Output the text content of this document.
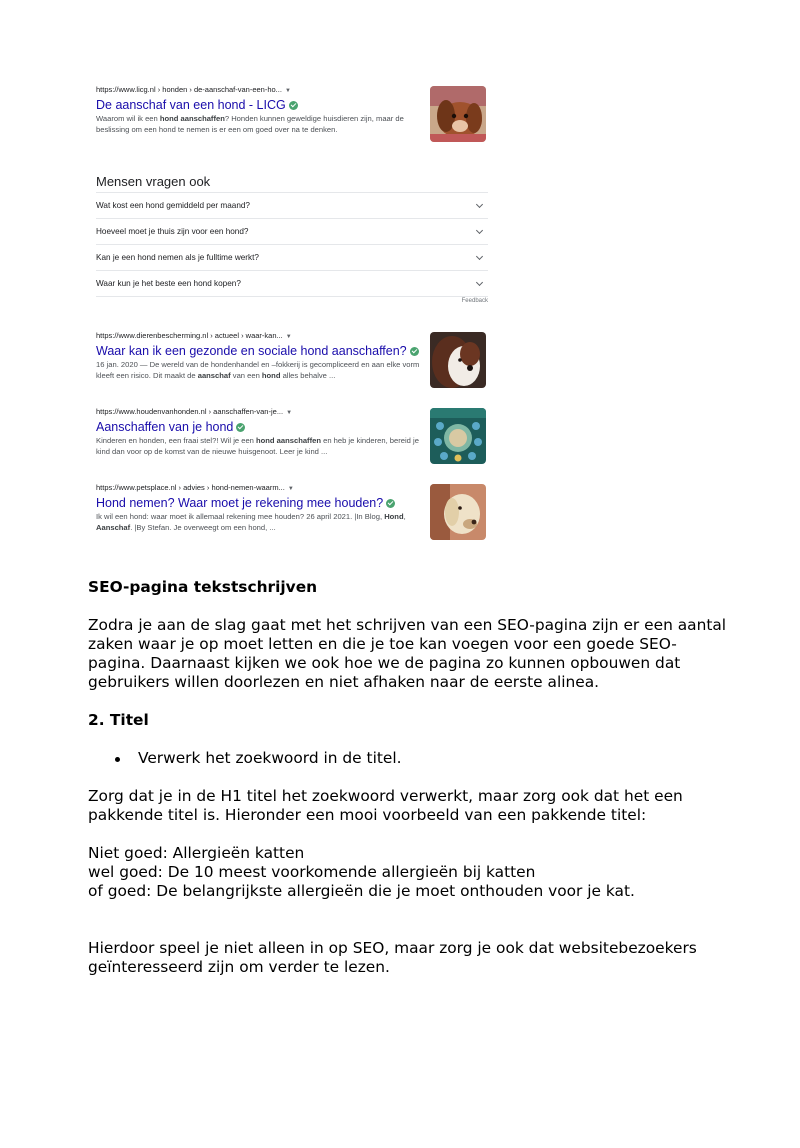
https://www.licg.nl › honden › de-aanschaf-van-een-ho... ▼
De aanschaf van een hond - LICG
Waarom wil ik een hond aanschaffen? Honden kunnen geweldige huisdieren zijn, maar de beslissing om een hond te nemen is er een om goed over na te denken.
Mensen vragen ook
Wat kost een hond gemiddeld per maand?
Hoeveel moet je thuis zijn voor een hond?
Kan je een hond nemen als je fulltime werkt?
Waar kun je het beste een hond kopen?
Feedback
https://www.dierenbescherming.nl › actueel › waar-kan... ▼
Waar kan ik een gezonde en sociale hond aanschaffen?
16 jan. 2020 — De wereld van de hondenhandel en –fokkerij is gecompliceerd en aan elke vorm kleeft een risico. Dit maakt de aanschaf van een hond alles behalve ...
https://www.houdenvanhonden.nl › aanschaffen-van-je... ▼
Aanschaffen van je hond
Kinderen en honden, een fraai stel?! Wil je een hond aanschaffen en heb je kinderen, bereid je kind dan voor op de komst van de nieuwe huisgenoot. Leer je kind ...
https://www.petsplace.nl › advies › hond-nemen-waarm... ▼
Hond nemen? Waar moet je rekening mee houden?
Ik wil een hond: waar moet ik allemaal rekening mee houden? 26 april 2021. |In Blog, Hond, Aanschaf. |By Stefan. Je overweegt om een hond, ...

SEO-pagina tekstschrijven

Zodra je aan de slag gaat met het schrijven van een SEO-pagina zijn er een aantal zaken waar je op moet letten en die je toe kan voegen voor een goede SEO-pagina. Daarnaast kijken we ook hoe we de pagina zo kunnen opbouwen dat gebruikers willen doorlezen en niet afhaken naar de eerste alinea.

2. Titel

Verwerk het zoekwoord in de titel.

Zorg dat je in de H1 titel het zoekwoord verwerkt, maar zorg ook dat het een pakkende titel is. Hieronder een mooi voorbeeld van een pakkende titel:

Niet goed: Allergieën katten

wel goed: De 10 meest voorkomende allergieën bij katten

of goed: De belangrijkste allergieën die je moet onthouden voor je kat.

Hierdoor speel je niet alleen in op SEO, maar zorg je ook dat websitebezoekers geïnteresseerd zijn om verder te lezen.
